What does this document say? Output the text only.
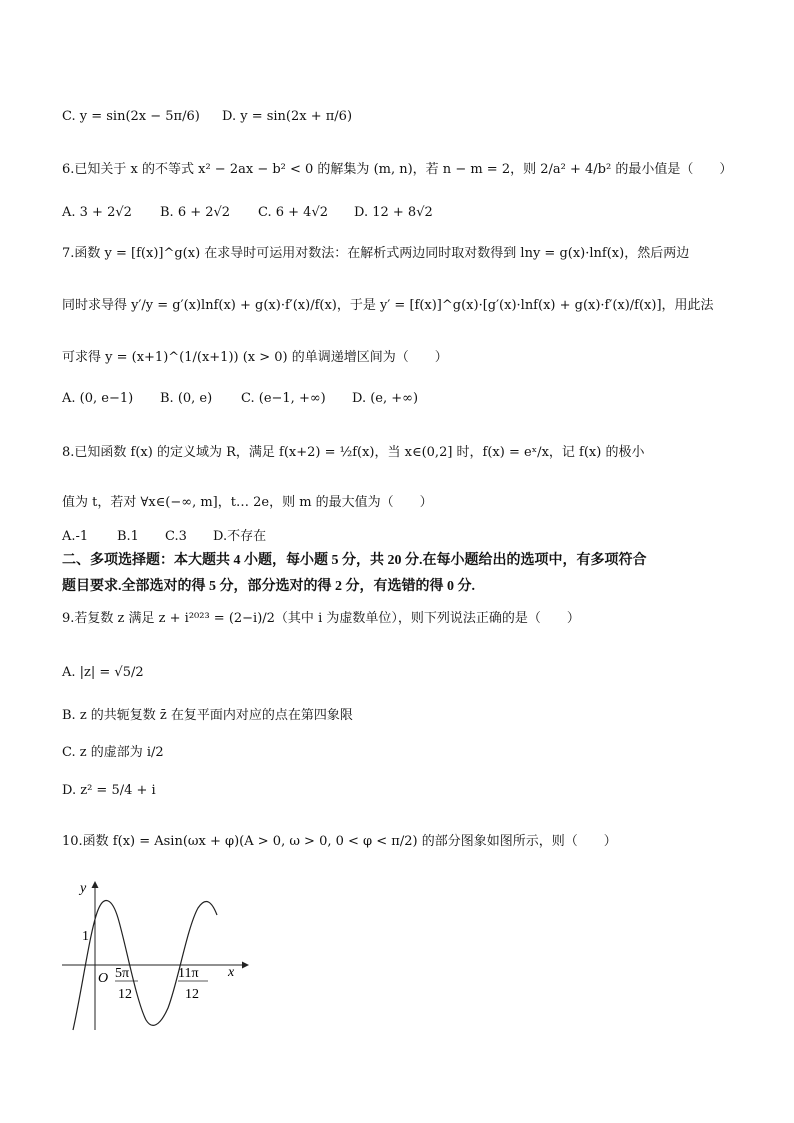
C. y = sin(2x − 5π/6) D. y = sin(2x + π/6)
6.已知关于 x 的不等式 x² − 2ax − b² < 0 的解集为 (m, n)，若 n − m = 2，则 2/a² + 4/b² 的最小值是（　　）
A. 3 + 2√2 B. 6 + 2√2 C. 6 + 4√2 D. 12 + 8√2
7.函数 y = [f(x)]^g(x) 在求导时可运用对数法：在解析式两边同时取对数得到 lny = g(x)·lnf(x)，然后两边
同时求导得 y′/y = g′(x)lnf(x) + g(x)·f′(x)/f(x)，于是 y′ = [f(x)]^g(x)·[g′(x)·lnf(x) + g(x)·f′(x)/f(x)]，用此法
可求得 y = (x+1)^(1/(x+1)) (x > 0) 的单调递增区间为（　　）
A. (0, e−1) B. (0, e) C. (e−1, +∞) D. (e, +∞)
8.已知函数 f(x) 的定义域为 R，满足 f(x+2) = ½f(x)，当 x∈(0,2] 时，f(x) = eˣ/x，记 f(x) 的极小
值为 t，若对 ∀x∈(−∞, m]，t… 2e，则 m 的最大值为（　　）
A.-1 B.1 C.3 D.不存在
二、多项选择题：本大题共 4 小题，每小题 5 分，共 20 分.在每小题给出的选项中，有多项符合
题目要求.全部选对的得 5 分，部分选对的得 2 分，有选错的得 0 分.
9.若复数 z 满足 z + i²⁰²³ = (2−i)/2（其中 i 为虚数单位），则下列说法正确的是（　　）
A. |z| = √5/2
B. z 的共轭复数 z̄ 在复平面内对应的点在第四象限
C. z 的虚部为 i/2
D. z² = 5/4 + i
10.函数 f(x) = Asin(ωx + φ)(A > 0, ω > 0, 0 < φ < π/2) 的部分图象如图所示，则（　　）
y
x
O
1
5π
12
11π
12
